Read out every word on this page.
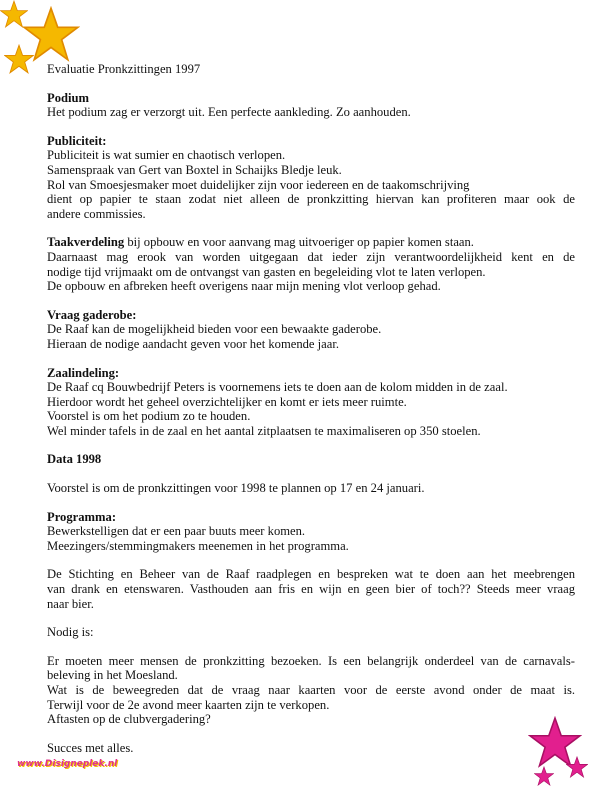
www.Disigneplek.nl
Evaluatie Pronkzittingen 1997
Podium
Het podium zag er verzorgt uit. Een perfecte aankleding. Zo aanhouden.
Publiciteit:
Publiciteit is wat sumier en chaotisch verlopen.
Samenspraak van Gert van Boxtel in Schaijks Bledje leuk.
Rol van Smoesjesmaker moet duidelijker zijn voor iedereen en de taakomschrijving
dient op papier te staan zodat niet alleen de pronkzitting hiervan kan profiteren maar ook de
andere commissies.
Taakverdeling bij opbouw en voor aanvang mag uitvoeriger op papier komen staan.
Daarnaast mag erook van worden uitgegaan dat ieder zijn verantwoordelijkheid kent en de
nodige tijd vrijmaakt om de ontvangst van gasten en begeleiding vlot te laten verlopen.
De opbouw en afbreken heeft overigens naar mijn mening vlot verloop gehad.
Vraag gaderobe:
De Raaf kan de mogelijkheid bieden voor een bewaakte gaderobe.
Hieraan de nodige aandacht geven voor het komende jaar.
Zaalindeling:
De Raaf cq Bouwbedrijf Peters is voornemens iets te doen aan de kolom midden in de zaal.
Hierdoor wordt het geheel overzichtelijker en komt er iets meer ruimte.
Voorstel is om het podium zo te houden.
Wel minder tafels in de zaal en het aantal zitplaatsen te maximaliseren op 350 stoelen.
Data 1998
Voorstel is om de pronkzittingen voor 1998 te plannen op 17 en 24 januari.
Programma:
Bewerkstelligen dat er een paar buuts meer komen.
Meezingers/stemmingmakers meenemen in het programma.
De Stichting en Beheer van de Raaf raadplegen en bespreken wat te doen aan het meebrengen
van drank en etenswaren. Vasthouden aan fris en wijn en geen bier of toch?? Steeds meer vraag
naar bier.
Nodig is:
Er moeten meer mensen de pronkzitting bezoeken. Is een belangrijk onderdeel van de carnavals-
beleving in het Moesland.
Wat is de beweegreden dat de vraag naar kaarten voor de eerste avond onder de maat is.
Terwijl voor de 2e avond meer kaarten zijn te verkopen.
Aftasten op de clubvergadering?
Succes met alles.
